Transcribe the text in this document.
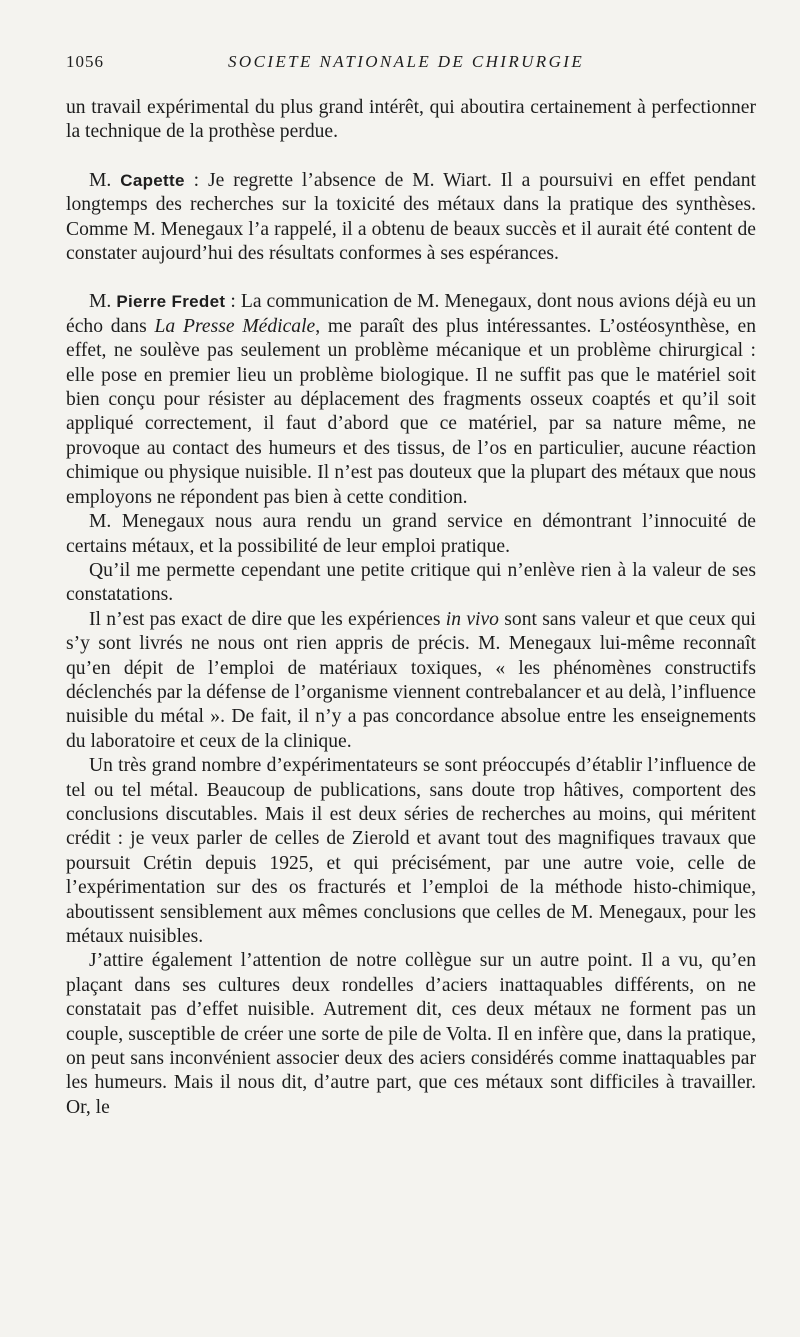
1056	SOCIETE NATIONALE DE CHIRURGIE

un travail expérimental du plus grand intérêt, qui aboutira certainement à perfectionner la technique de la prothèse perdue.

M. Capette : Je regrette l’absence de M. Wiart. Il a poursuivi en effet pendant longtemps des recherches sur la toxicité des métaux dans la pratique des synthèses. Comme M. Menegaux l’a rappelé, il a obtenu de beaux succès et il aurait été content de constater aujourd’hui des résultats conformes à ses espérances.

M. Pierre Fredet : La communication de M. Menegaux, dont nous avions déjà eu un écho dans La Presse Médicale, me paraît des plus intéressantes. L’ostéosynthèse, en effet, ne soulève pas seulement un problème mécanique et un problème chirurgical : elle pose en premier lieu un problème biologique. Il ne suffit pas que le matériel soit bien conçu pour résister au déplacement des fragments osseux coaptés et qu’il soit appliqué correctement, il faut d’abord que ce matériel, par sa nature même, ne provoque au contact des humeurs et des tissus, de l’os en particulier, aucune réaction chimique ou physique nuisible. Il n’est pas douteux que la plupart des métaux que nous employons ne répondent pas bien à cette condition.

M. Menegaux nous aura rendu un grand service en démontrant l’innocuité de certains métaux, et la possibilité de leur emploi pratique.

Qu’il me permette cependant une petite critique qui n’enlève rien à la valeur de ses constatations.

Il n’est pas exact de dire que les expériences in vivo sont sans valeur et que ceux qui s’y sont livrés ne nous ont rien appris de précis. M. Menegaux lui-même reconnaît qu’en dépit de l’emploi de matériaux toxiques, « les phénomènes constructifs déclenchés par la défense de l’organisme viennent contrebalancer et au delà, l’influence nuisible du métal ». De fait, il n’y a pas concordance absolue entre les enseignements du laboratoire et ceux de la clinique.

Un très grand nombre d’expérimentateurs se sont préoccupés d’établir l’influence de tel ou tel métal. Beaucoup de publications, sans doute trop hâtives, comportent des conclusions discutables. Mais il est deux séries de recherches au moins, qui méritent crédit : je veux parler de celles de Zierold et avant tout des magnifiques travaux que poursuit Crétin depuis 1925, et qui précisément, par une autre voie, celle de l’expérimentation sur des os fracturés et l’emploi de la méthode histo-chimique, aboutissent sensiblement aux mêmes conclusions que celles de M. Menegaux, pour les métaux nuisibles.

J’attire également l’attention de notre collègue sur un autre point. Il a vu, qu’en plaçant dans ses cultures deux rondelles d’aciers inattaquables différents, on ne constatait pas d’effet nuisible. Autrement dit, ces deux métaux ne forment pas un couple, susceptible de créer une sorte de pile de Volta. Il en infère que, dans la pratique, on peut sans inconvénient associer deux des aciers considérés comme inattaquables par les humeurs. Mais il nous dit, d’autre part, que ces métaux sont difficiles à travailler. Or, le
